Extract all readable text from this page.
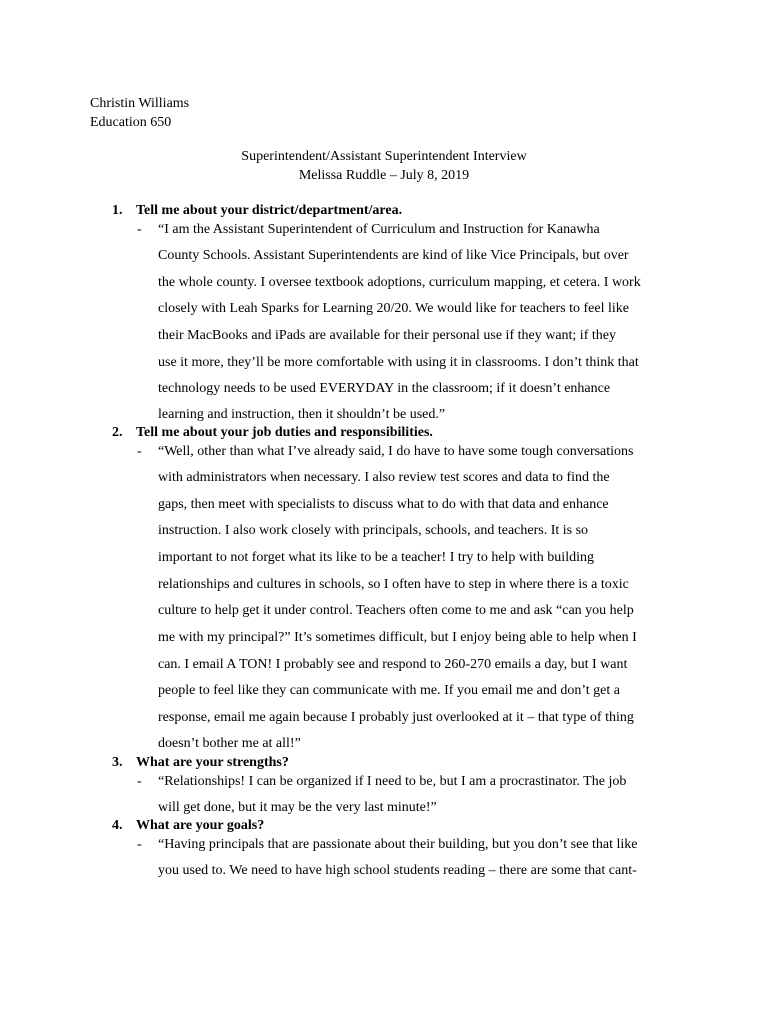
Christin Williams
Education 650
Superintendent/Assistant Superintendent Interview
Melissa Ruddle – July 8, 2019
1. Tell me about your district/department/area.
- “I am the Assistant Superintendent of Curriculum and Instruction for Kanawha
County Schools. Assistant Superintendents are kind of like Vice Principals, but over
the whole county. I oversee textbook adoptions, curriculum mapping, et cetera. I work
closely with Leah Sparks for Learning 20/20. We would like for teachers to feel like
their MacBooks and iPads are available for their personal use if they want; if they
use it more, they’ll be more comfortable with using it in classrooms. I don’t think that
technology needs to be used EVERYDAY in the classroom; if it doesn’t enhance
learning and instruction, then it shouldn’t be used.”
2. Tell me about your job duties and responsibilities.
- “Well, other than what I’ve already said, I do have to have some tough conversations
with administrators when necessary. I also review test scores and data to find the
gaps, then meet with specialists to discuss what to do with that data and enhance
instruction. I also work closely with principals, schools, and teachers. It is so
important to not forget what its like to be a teacher! I try to help with building
relationships and cultures in schools, so I often have to step in where there is a toxic
culture to help get it under control. Teachers often come to me and ask “can you help
me with my principal?” It’s sometimes difficult, but I enjoy being able to help when I
can. I email A TON! I probably see and respond to 260-270 emails a day, but I want
people to feel like they can communicate with me. If you email me and don’t get a
response, email me again because I probably just overlooked at it – that type of thing
doesn’t bother me at all!”
3. What are your strengths?
- “Relationships! I can be organized if I need to be, but I am a procrastinator. The job
will get done, but it may be the very last minute!”
4. What are your goals?
- “Having principals that are passionate about their building, but you don’t see that like
you used to. We need to have high school students reading – there are some that cant-
